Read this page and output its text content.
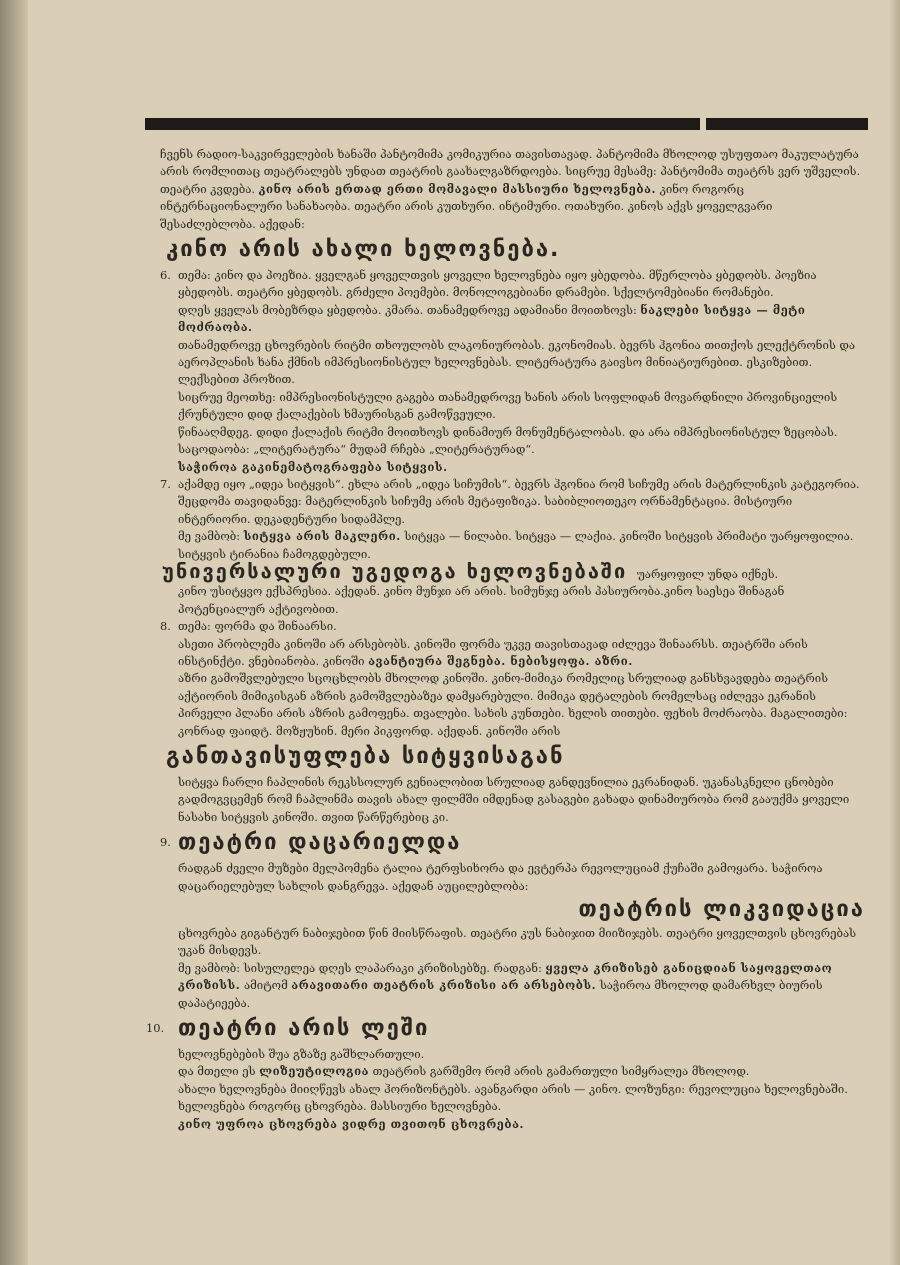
ჩვენს რადიო-საკვირველების ხანაში პანტომიმა კომიკურია თავისთავად. პანტომიმა მხოლოდ უსუფთაო მაკულატურა არის რომლითაც თეატრალებს უნდათ თეატრის გაახალგაზრდოება. სიცრუე მესამე: პანტომიმა თეატრს ვერ უშველის. თეატრი კვდება. კინო არის ერთად ერთი მომავალი მასსიური ხელოვნება. კინო როგორც ინტერნაციონალური სანახაობა. თეატრი არის კუთხური. ინტიმური. ოთახური. კინოს აქვს ყოველგვარი შესაძლებლობა. აქედან:

კინო არის ახალი ხელოვნება.
6. თემა: კინო და პოეზია. ყველგან ყოველთვის ყოველი ხელოვნება იყო ყბედობა. მწერლობა ყბედობს. პოეზია ყბედობს. თეატრი ყბედობს. გრძელი პოემები. მონოლოგებიანი დრამები. სქელტომებიანი რომანები.

დღეს ყველას მობეზრდა ყბედობა. კმარა. თანამედროვე ადამიანი მოითხოვს: ნაკლები სიტყვა — მეტი მოძრაობა.

თანამედროვე ცხოვრების რიტმი თხოულობს ლაკონიურობას. ეკონომიას. ბევრს ჰგონია თითქოს ელექტრონის და აეროპლანის ხანა ქმნის იმპრესიონისტულ ხელოვნებას. ლიტერატურა გაივსო მინიატიურებით. ესკიზებით. ლექსებით პროზით.

სიცრუე მეოთხე: იმპრესიონისტული გაგება თანამედროვე ხანის არის სოფლიდან მოვარდნილი პროვინციელის ქრუნტული დიდ ქალაქების ხმაურისგან გამოწვეული.

წინააღმდეგ. დიდი ქალაქის რიტმი მოითხოვს დინამიურ მონუმენტალობას. და არა იმპრესიონისტულ ზეცობას. საცოდაობა: „ლიტერატურა“ მუდამ რჩება „ლიტერატურად“.

საჭიროა გაკინემატოგრაფება სიტყვის.

7. აქამდე იყო „იდეა სიტყვის“. ეხლა არის „იდეა სიჩუმის“. ბევრს ჰგონია რომ სიჩუმე არის მატერლინკის კატეგორია. შეცდომა თავიდანვე: მატერლინკის სიჩუმე არის მეტაფიზიკა. საბიბლიოთეკო ორნამენტაცია. მისტიური ინტერიორი. დეკადენტური სიდამპლე.

მე ვამბობ: სიტყვა არის მაკლერი. სიტყვა — ნილაბი. სიტყვა — ლაქია. კინოში სიტყვის პრიმატი უარყოფილია. სიტყვის ტირანია ჩამოგდებული.

უნივერსალური უგედოგა ხელოვნებაში უარყოფილ უნდა იქნეს.

კინო უსიტყვო ექსპრესია. აქედან. კინო მუნჯი არ არის. სიმუნჯე არის პასიურობა.კინო საესეა შინაგან პოტენციალურ აქტივობით.

8. თემა: ფორმა და შინაარსი.

ასეთი პრობლემა კინოში არ არსებობს. კინოში ფორმა უკვე თავისთავად იძლევა შინაარსს. თეატრში არის ინსტინქტი. ვნებიანობა. კინოში ავანტიურა შეგნება. ნებისყოფა. აზრი.

აზრი გამოშვლებული სცოცხლობს მხოლოდ კინოში. კინო-მიმიკა რომელიც სრულიად განსხვავდება თეატრის აქტიორის მიმიკისგან აზრის გამოშვლებაზეა დამყარებული. მიმიკა დეტალების რომელსაც იძლევა ეკრანის პირველი პლანი არის აზრის გამოფენა. თვალები. სახის კუნთები. ხელის თითები. ფეხის მოძრაობა. მაგალითები: კონრად ფაიდტ. მოზჟუხინ. მერი პიკფორდ. აქედან. კინოში არის

განთავისუფლება სიტყვისაგან

სიტყვა ჩარლი ჩაპლინის რეკსსოლურ გენიალობით სრულიად განდევნილია ეკრანიდან. უკანასკნელი ცნობები გადმოგვცემენ რომ ჩაპლინმა თავის ახალ ფილმში იმდენად გასაგები გახადა დინამიურობა რომ გააუქმა ყოველი ნასახი სიტყვის კინოში. თვით წარწერებიც კი.

9. თეატრი დაცარიელდა

რადგან ძველი მუზები მელპომენა ტალია ტერფსიხორა და ევტერპა რევოლუციამ ქუჩაში გამოყარა. საჭიროა დაცარიელებულ სახლის დანგრევა. აქედან აუცილებლობა:

თეატრის ლიკვიდაცია

ცხოვრება გიგანტურ ნაბიჯებით წინ მიისწრაფის. თეატრი კუს ნაბიჯით მიიზიჯებს. თეატრი ყოველთვის ცხოვრებას უკან მისდევს.

მე ვამბობ: სისულელეა დღეს ლაპარაკი კრიზისებზე. რადგან: ყველა კრიზისებ განიცდიან საყოველთაო კრიზისს. ამიტომ არავითარი თეატრის კრიზისი არ არსებობს. საჭიროა მხოლოდ დამარხვლ ბიურის დაპატიეება.

10. თეატრი არის ლეში

ხელოვნებების შუა გზაზე გაშხლართული.

და მთელი ეს ლიზეუტილოგია თეატრის გარშემო რომ არის გამართული სიმყრალეა მხოლოდ.

ახალი ხელოვნება მიიღწევს ახალ ჰორიზონტებს. ავანგარდი არის — კინო. ლოზუნგი: რევოლუცია ხელოვნებაში. ხელოვნება როგორც ცხოვრება. მასსიური ხელოვნება.

კინო უფროა ცხოვრება ვიდრე თვითონ ცხოვრება.
